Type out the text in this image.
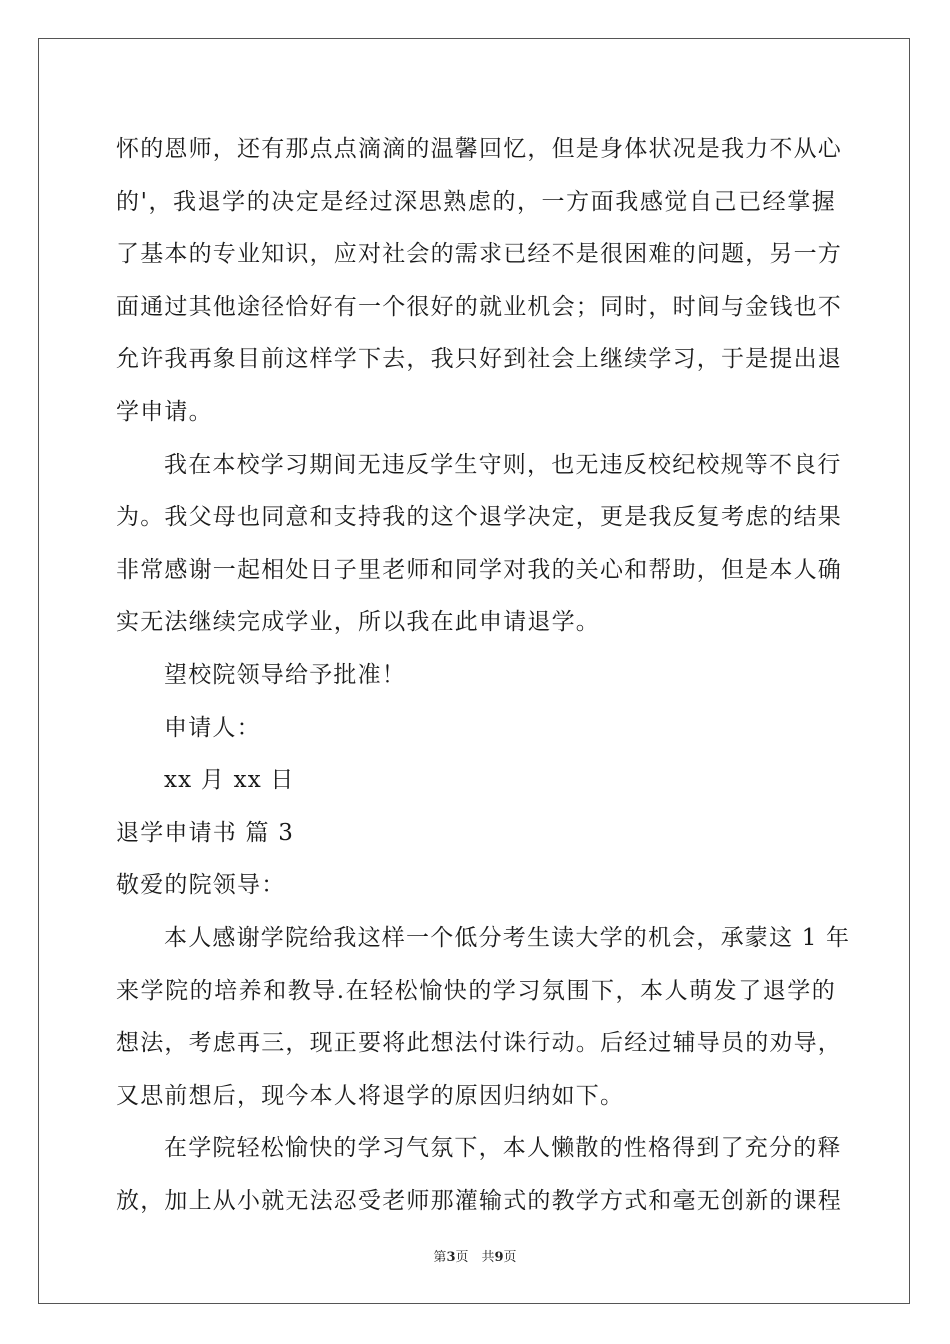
怀的恩师，还有那点点滴滴的温馨回忆，但是身体状况是我力不从心
的'，我退学的决定是经过深思熟虑的，一方面我感觉自己已经掌握
了基本的专业知识，应对社会的需求已经不是很困难的问题，另一方
面通过其他途径恰好有一个很好的就业机会；同时，时间与金钱也不
允许我再象目前这样学下去，我只好到社会上继续学习，于是提出退
学申请。
我在本校学习期间无违反学生守则，也无违反校纪校规等不良行
为。我父母也同意和支持我的这个退学决定，更是我反复考虑的结果
非常感谢一起相处日子里老师和同学对我的关心和帮助，但是本人确
实无法继续完成学业，所以我在此申请退学。
望校院领导给予批准！
申请人：
xx 月 xx 日
退学申请书 篇 3
敬爱的院领导：
本人感谢学院给我这样一个低分考生读大学的机会，承蒙这 1 年
来学院的培养和教导.在轻松愉快的学习氛围下，本人萌发了退学的
想法，考虑再三，现正要将此想法付诛行动。后经过辅导员的劝导，
又思前想后，现今本人将退学的原因归纳如下。
在学院轻松愉快的学习气氛下，本人懒散的性格得到了充分的释
放，加上从小就无法忍受老师那灌输式的教学方式和毫无创新的课程
第3页　共9页
